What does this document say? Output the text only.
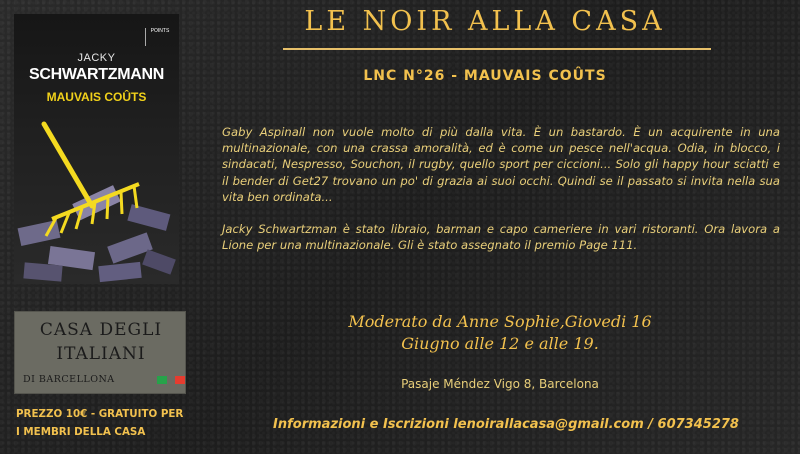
LE NOIR ALLA CASA
LNC N°26 - MAUVAIS COÛTS
POINTS
JACKY
SCHWARTZMANN
MAUVAIS COÛTS

Gaby Aspinall non vuole molto di più dalla vita. È un bastardo. È un acquirente in una multinazionale, con una crassa amoralità, ed è come un pesce nell'acqua. Odia, in blocco, i sindacati, Nespresso, Souchon, il rugby, quello sport per ciccioni... Solo gli happy hour sciatti e il bender di Get27 trovano un po' di grazia ai suoi occhi. Quindi se il passato si invita nella sua vita ben ordinata...

Jacky Schwartzman è stato libraio, barman e capo cameriere in vari ristoranti. Ora lavora a Lione per una multinazionale. Gli è stato assegnato il premio Page 111.

Moderato da Anne Sophie,Giovedi 16
Giugno alle 12 e alle 19.
Pasaje Méndez Vigo 8, Barcelona
Informazioni e Iscrizioni lenoirallacasa@gmail.com / 607345278
CASA DEGLI
ITALIANI
DI BARCELLONA
PREZZO 10€ - GRATUITO PER
I MEMBRI DELLA CASA
